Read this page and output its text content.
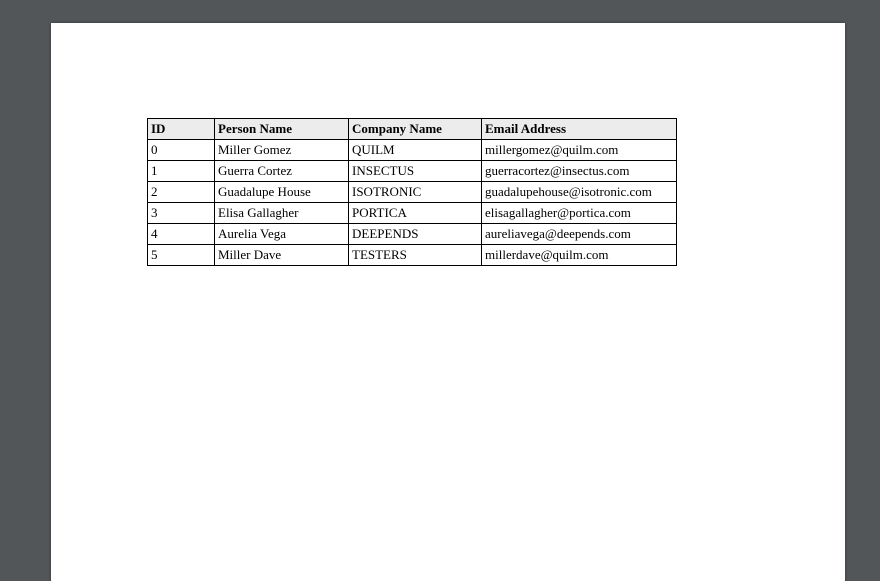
ID	Person Name	Company Name	Email Address
0	Miller Gomez	QUILM	millergomez@quilm.com
1	Guerra Cortez	INSECTUS	guerracortez@insectus.com
2	Guadalupe House	ISOTRONIC	guadalupehouse@isotronic.com
3	Elisa Gallagher	PORTICA	elisagallagher@portica.com
4	Aurelia Vega	DEEPENDS	aureliavega@deepends.com
5	Miller Dave	TESTERS	millerdave@quilm.com
